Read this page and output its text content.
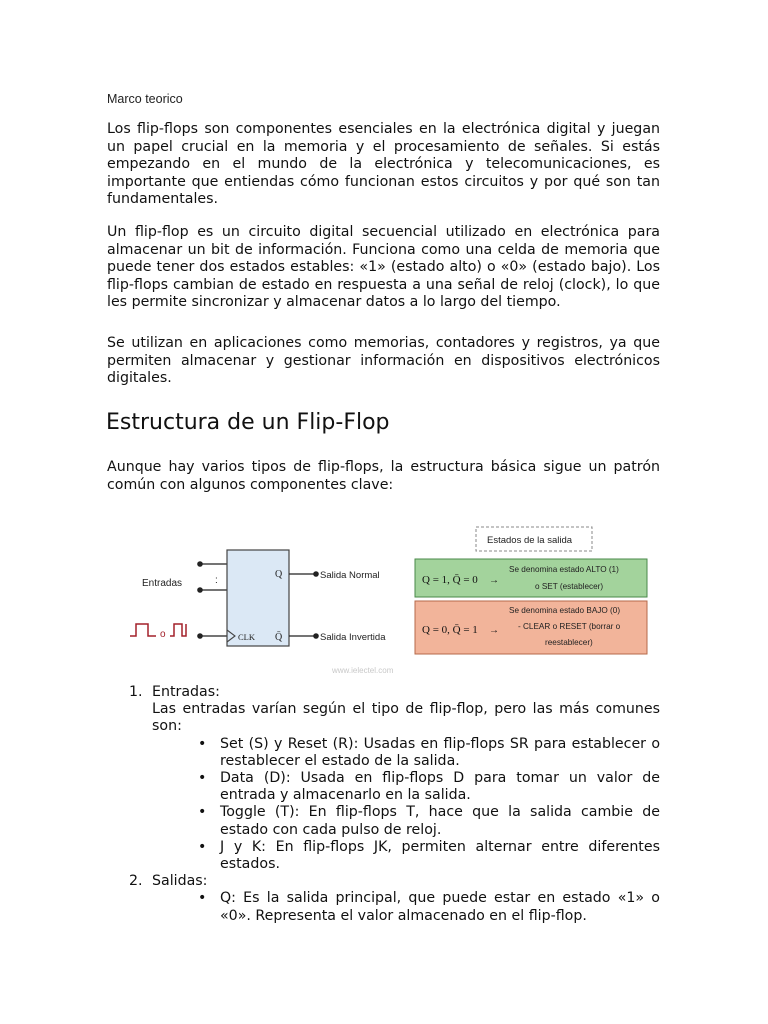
Marco teorico

Los flip-flops son componentes esenciales en la electrónica digital y juegan un papel crucial en la memoria y el procesamiento de señales. Si estás empezando en el mundo de la electrónica y telecomunicaciones, es importante que entiendas cómo funcionan estos circuitos y por qué son tan fundamentales.

Un flip-flop es un circuito digital secuencial utilizado en electrónica para almacenar un bit de información. Funciona como una celda de memoria que puede tener dos estados estables: «1» (estado alto) o «0» (estado bajo). Los flip-flops cambian de estado en respuesta a una señal de reloj (clock), lo que les permite sincronizar y almacenar datos a lo largo del tiempo.

Se utilizan en aplicaciones como memorias, contadores y registros, ya que permiten almacenar y gestionar información en dispositivos electrónicos digitales.

Estructura de un Flip-Flop

Aunque hay varios tipos de flip-flops, la estructura básica sigue un patrón común con algunos componentes clave:

Entradas	:
o	CLK
Q
Q̄
Salida Normal
Salida Invertida
Estados de la salida
Q = 1, Q̄ = 0 →
Se denomina estado ALTO (1)
o SET (establecer)
Q = 0, Q̄ = 1 →
Se denomina estado BAJO (0)
- CLEAR o RESET (borrar o
reestablecer)
www.ielectel.com
1. Entradas:
Las entradas varían según el tipo de flip-flop, pero las más comunes son:
• Set (S) y Reset (R): Usadas en flip-flops SR para establecer o restablecer el estado de la salida.
• Data (D): Usada en flip-flops D para tomar un valor de entrada y almacenarlo en la salida.
• Toggle (T): En flip-flops T, hace que la salida cambie de estado con cada pulso de reloj.
• J y K: En flip-flops JK, permiten alternar entre diferentes estados.
2. Salidas:
• Q: Es la salida principal, que puede estar en estado «1» o «0». Representa el valor almacenado en el flip-flop.
